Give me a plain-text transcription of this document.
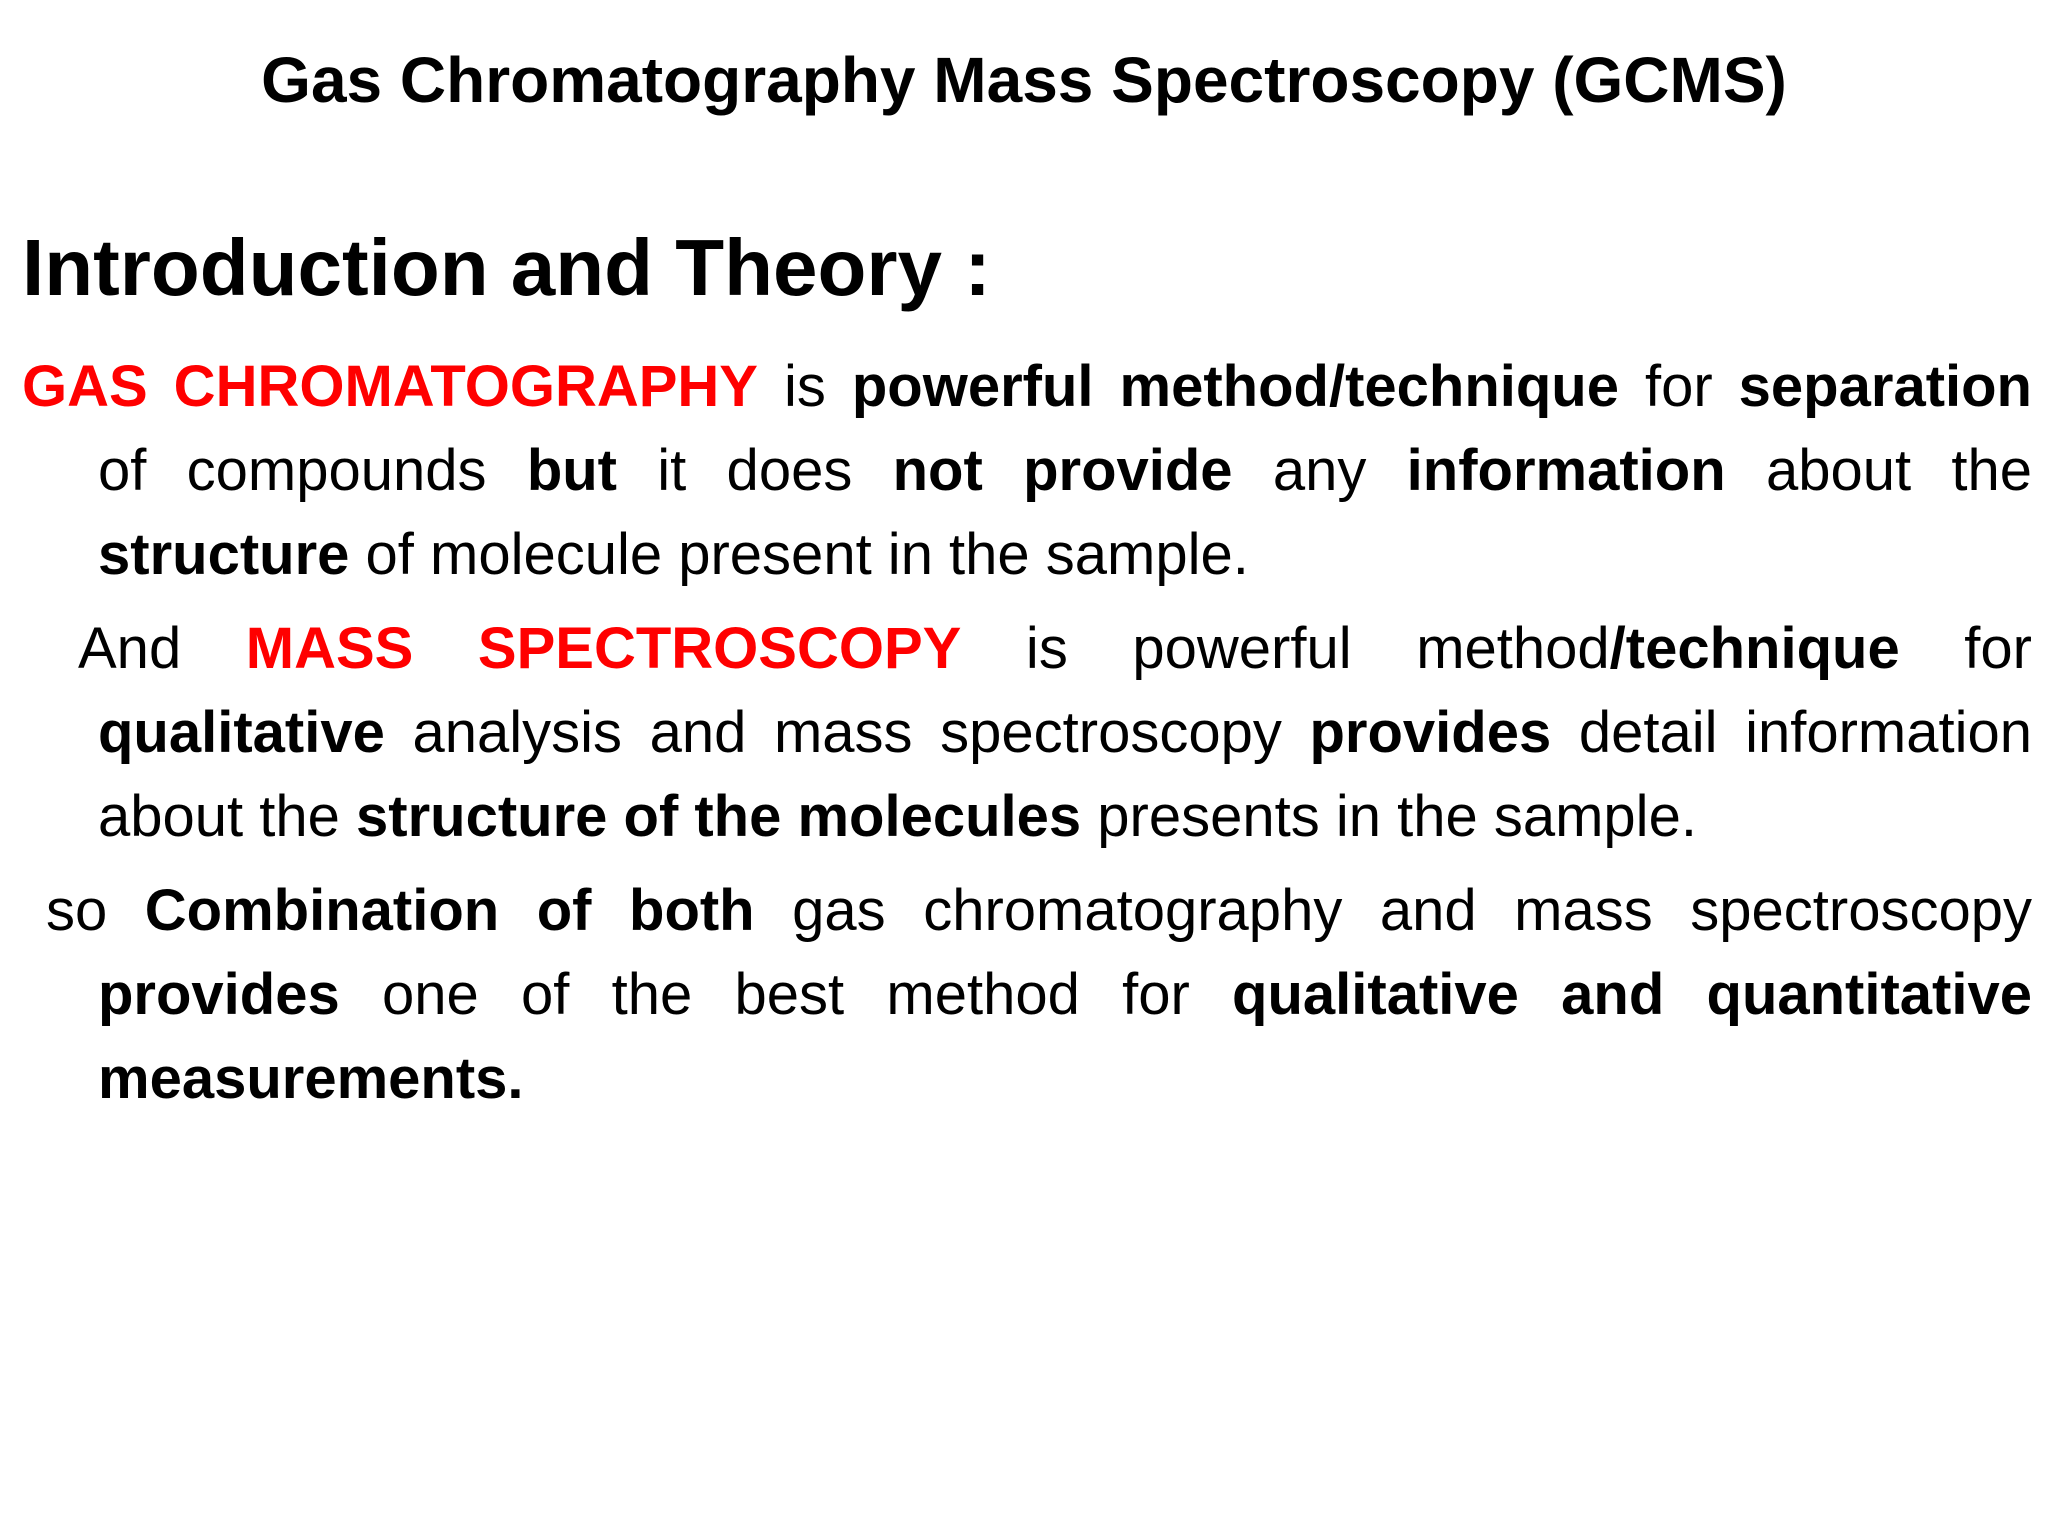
Gas Chromatography Mass Spectroscopy (GCMS)
Introduction and Theory :

GAS CHROMATOGRAPHY is powerful method/technique for separation of compounds but it does not provide any information about the structure of molecule present in the sample.

And MASS SPECTROSCOPY is powerful method/technique for qualitative analysis and mass spectroscopy provides detail information about the structure of the molecules presents in the sample.

so Combination of both gas chromatography and mass spectroscopy provides one of the best method for qualitative and quantitative measurements.
